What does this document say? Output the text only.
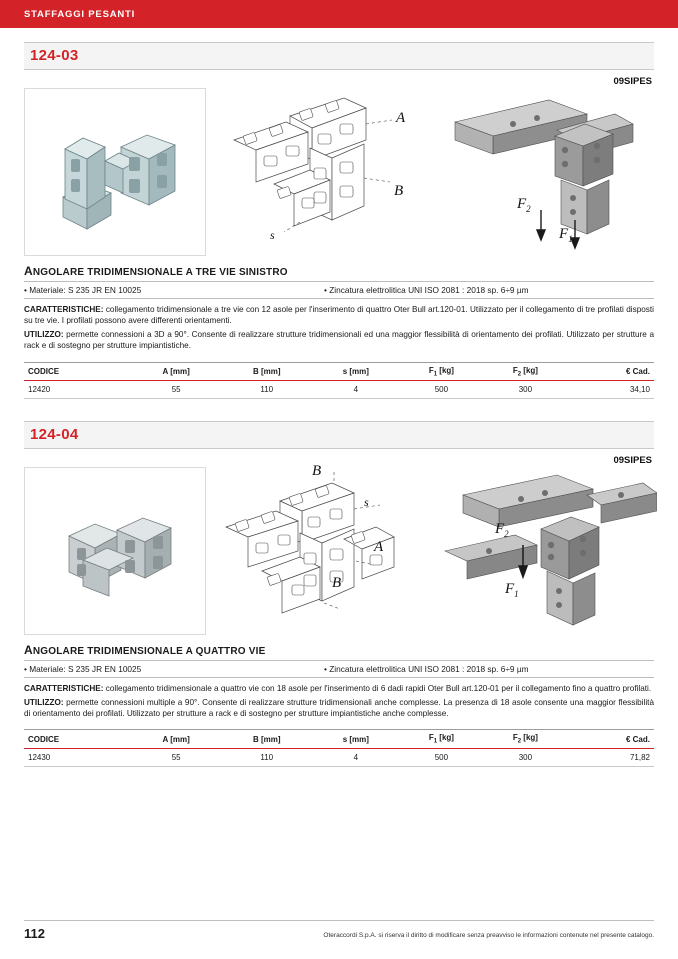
STAFFAGGI PESANTI
124-03
09SIPES
A
B
s
$F_2$
$F_1$
ANGOLARE TRIDIMENSIONALE A TRE VIE SINISTRO
• Materiale: S 235 JR EN 10025	• Zincatura elettrolitica UNI ISO 2081 : 2018 sp. 6÷9 µm
CARATTERISTICHE: collegamento tridimensionale a tre vie con 12 asole per l'inserimento di quattro Oter Bull art.120-01. Utilizzato per il collegamento di tre profilati disposti su tre vie. I profilati possono avere differenti orientamenti.
UTILIZZO: permette connessioni a 3D a 90°. Consente di realizzare strutture tridimensionali ed una maggior flessibilità di orientamento dei profilati. Utilizzato per strutture a rack e di sostegno per strutture impiantistiche.
CODICE	A [mm]	B [mm]	s [mm]	$F_1$ [kg]	$F_2$ [kg]	€ Cad.
12420	55	110	4	500	300	34,10
124-04
09SIPES
B
s
A
B
$F_2$
$F_1$
ANGOLARE TRIDIMENSIONALE A QUATTRO VIE
• Materiale: S 235 JR EN 10025	• Zincatura elettrolitica UNI ISO 2081 : 2018 sp. 6÷9 µm
CARATTERISTICHE: collegamento tridimensionale a quattro vie con 18 asole per l'inserimento di 6 dadi rapidi Oter Bull art.120-01 per il collegamento fino a quattro profilati.
UTILIZZO: permette connessioni multiple a 90°. Consente di realizzare strutture tridimensionali anche complesse. La presenza di 18 asole consente una maggior flessibilità di orientamento dei profilati. Utilizzato per strutture a rack e di sostegno per strutture impiantistiche anche complesse.
CODICE	A [mm]	B [mm]	s [mm]	$F_1$ [kg]	$F_2$ [kg]	€ Cad.
12430	55	110	4	500	300	71,82
112	Oteraccordi S.p.A. si riserva il diritto di modificare senza preavviso le informazioni contenute nel presente catalogo.
